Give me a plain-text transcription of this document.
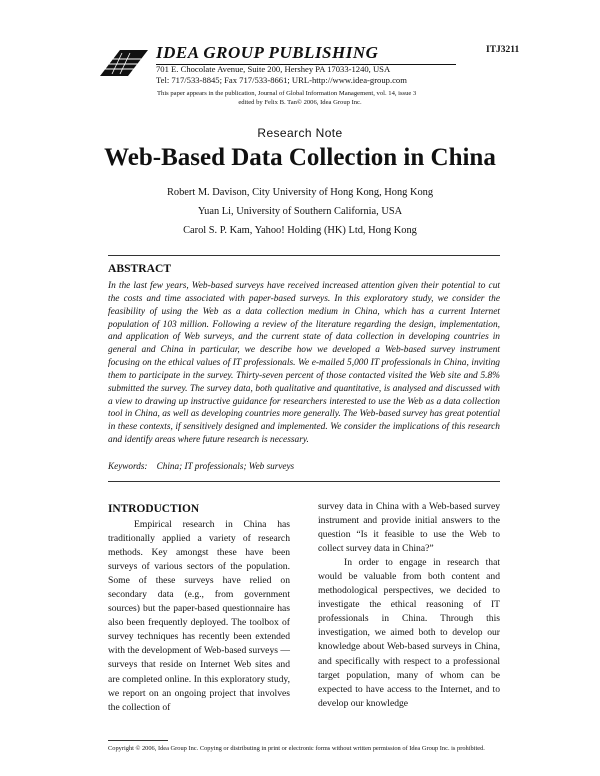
IDEA GROUP PUBLISHING
701 E. Chocolate Avenue, Suite 200, Hershey PA 17033-1240, USA
Tel: 717/533-8845; Fax 717/533-8661; URL-http://www.idea-group.com
ITJ3211
This paper appears in the publication, Journal of Global Information Management, vol. 14, issue 3
edited by Felix B. Tan© 2006, Idea Group Inc.
Research Note
Web-Based Data Collection in China
Robert M. Davison, City University of Hong Kong, Hong Kong
Yuan Li, University of Southern California, USA
Carol S. P. Kam, Yahoo! Holding (HK) Ltd, Hong Kong
ABSTRACT
In the last few years, Web-based surveys have received increased attention given their potential to cut the costs and time associated with paper-based surveys. In this exploratory study, we consider the feasibility of using the Web as a data collection medium in China, which has a current Internet population of 103 million. Following a review of the literature regarding the design, implementation, and application of Web surveys, and the current state of data collection in developing countries in general and China in particular, we describe how we developed a Web-based survey instrument focusing on the ethical values of IT professionals. We e-mailed 5,000 IT professionals in China, inviting them to participate in the survey. Thirty-seven percent of those contacted visited the Web site and 5.8% submitted the survey. The survey data, both qualitative and quantitative, is analysed and discussed with a view to drawing up instructive guidance for researchers interested to use the Web as a data collection tool in China, as well as developing countries more generally. The Web-based survey has great potential in these contexts, if sensitively designed and implemented. We consider the implications of this research and identify areas where future research is necessary.
Keywords: China; IT professionals; Web surveys
INTRODUCTION

Empirical research in China has traditionally applied a variety of research methods. Key amongst these have been surveys of various sectors of the population. Some of these surveys have relied on secondary data (e.g., from government sources) but the paper-based questionnaire has also been frequently deployed. The toolbox of survey techniques has recently been extended with the development of Web-based surveys — surveys that reside on Internet Web sites and are completed online. In this exploratory study, we report on an ongoing project that involves the collection of

survey data in China with a Web-based survey instrument and provide initial answers to the question “Is it feasible to use the Web to collect survey data in China?”

In order to engage in research that would be valuable from both content and methodological perspectives, we decided to investigate the ethical reasoning of IT professionals in China. Through this investigation, we aimed both to develop our knowledge about Web-based surveys in China, and specifically with respect to a professional target population, many of whom can be expected to have access to the Internet, and to develop our knowledge

Copyright © 2006, Idea Group Inc. Copying or distributing in print or electronic forms without written permission of Idea Group Inc. is prohibited.
